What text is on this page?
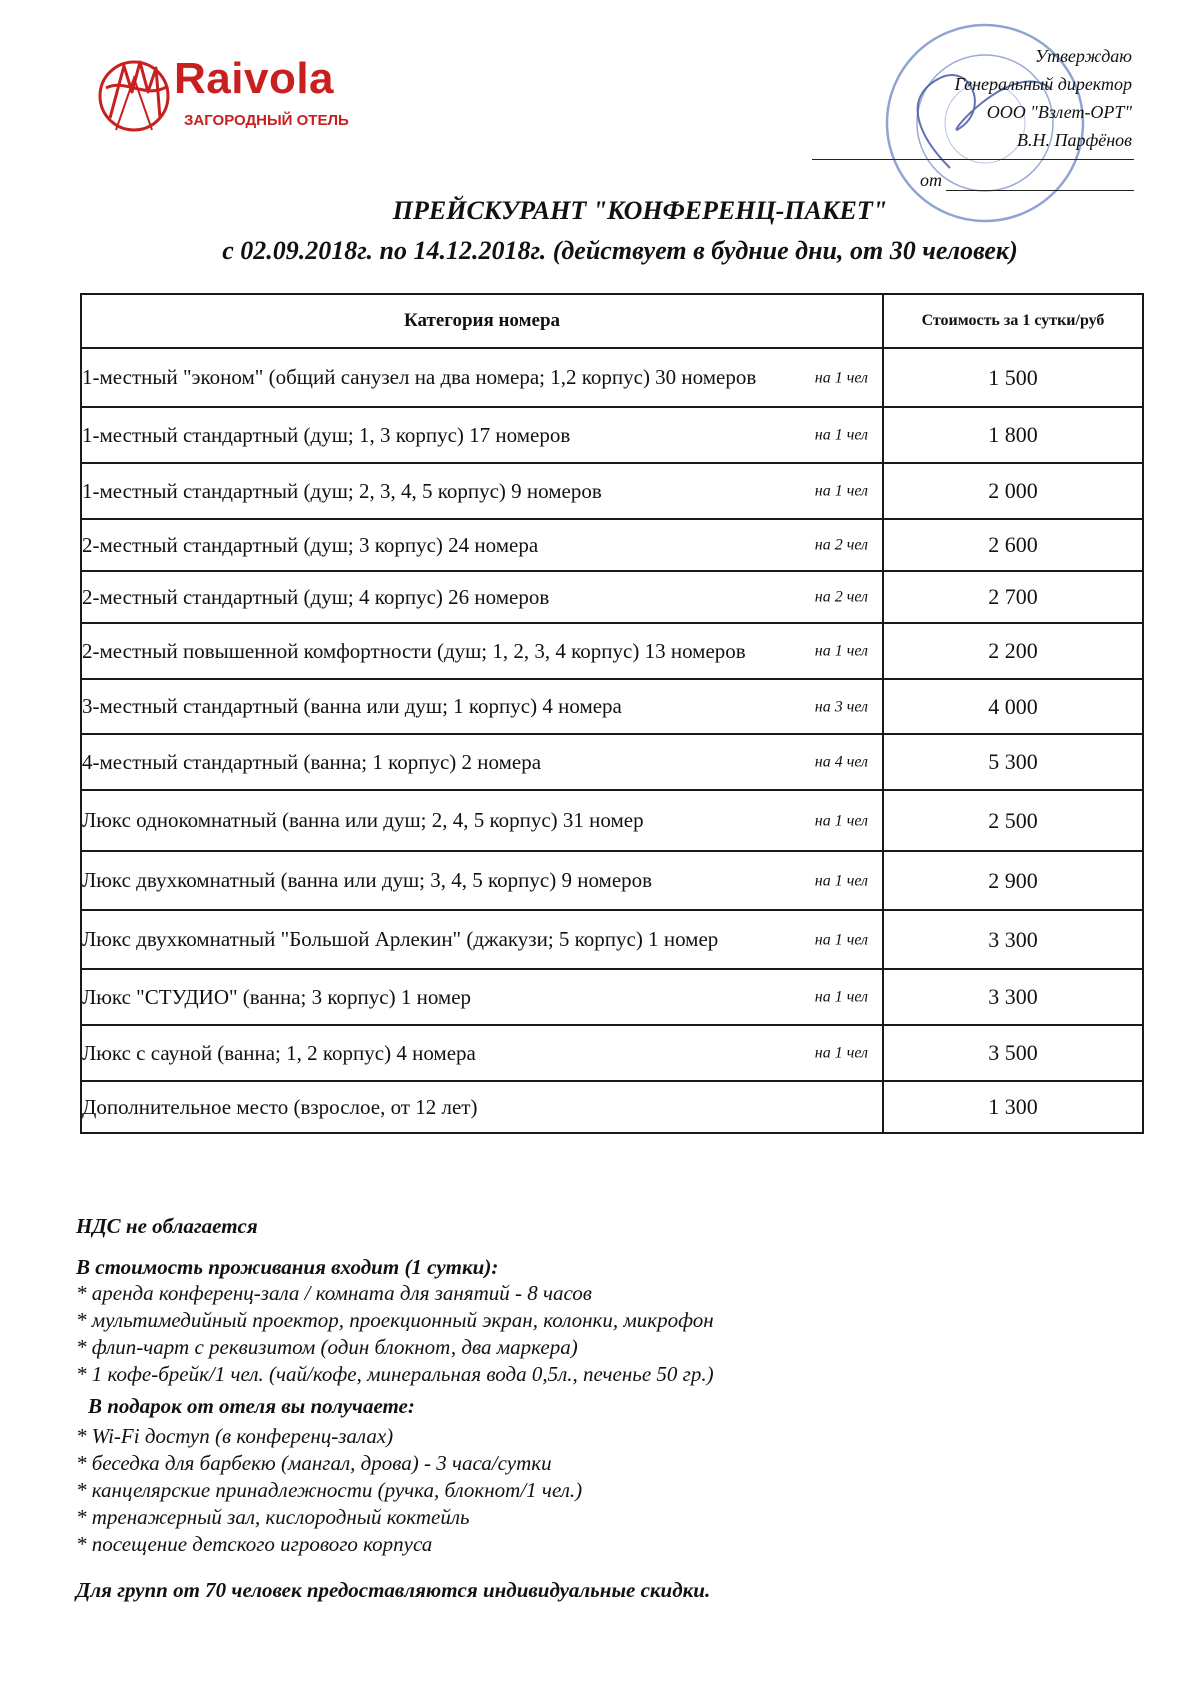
Raivola
ЗАГОРОДНЫЙ ОТЕЛЬ
Утверждаю
Генеральный директор
ООО "Взлет-ОРТ"
В.Н. Парфёнов
от
ПРЕЙСКУРАНТ "КОНФЕРЕНЦ-ПАКЕТ"
с 02.09.2018г. по 14.12.2018г. (действует в будние дни, от 30 человек)
Категория номера	Стоимость за 1 сутки/руб

1-местный "эконом" (общий санузел на два номера; 1,2 корпус) 30 номеров на 1 чел	1 500

1-местный стандартный (душ; 1, 3 корпус) 17 номеров на 1 чел	1 800

1-местный стандартный (душ; 2, 3, 4, 5 корпус) 9 номеров на 1 чел	2 000

2-местный стандартный (душ; 3 корпус) 24 номера на 2 чел	2 600

2-местный стандартный (душ; 4 корпус) 26 номеров на 2 чел	2 700

2-местный повышенной комфортности (душ; 1, 2, 3, 4 корпус) 13 номеров на 1 чел	2 200

3-местный стандартный (ванна или душ; 1 корпус) 4 номера на 3 чел	4 000

4-местный стандартный (ванна; 1 корпус) 2 номера на 4 чел	5 300

Люкс однокомнатный (ванна или душ; 2, 4, 5 корпус) 31 номер на 1 чел	2 500

Люкс двухкомнатный (ванна или душ; 3, 4, 5 корпус) 9 номеров на 1 чел	2 900

Люкс двухкомнатный "Большой Арлекин" (джакузи; 5 корпус) 1 номер на 1 чел	3 300

Люкс "СТУДИО" (ванна; 3 корпус) 1 номер на 1 чел	3 300

Люкс с сауной (ванна; 1, 2 корпус) 4 номера на 1 чел	3 500

Дополнительное место (взрослое, от 12 лет)	1 300
НДС не облагается
В стоимость проживания входит (1 сутки):
* аренда конференц-зала / комната для занятий - 8 часов
* мультимедийный проектор, проекционный экран, колонки, микрофон
* флип-чарт с реквизитом (один блокнот, два маркера)
* 1 кофе-брейк/1 чел. (чай/кофе, минеральная вода 0,5л., печенье 50 гр.)
В подарок от отеля вы получаете:
* Wi-Fi доступ (в конференц-залах)
* беседка для барбекю (мангал, дрова) - 3 часа/сутки
* канцелярские принадлежности (ручка, блокнот/1 чел.)
* тренажерный зал, кислородный коктейль
* посещение детского игрового корпуса
Для групп от 70 человек предоставляются индивидуальные скидки.
